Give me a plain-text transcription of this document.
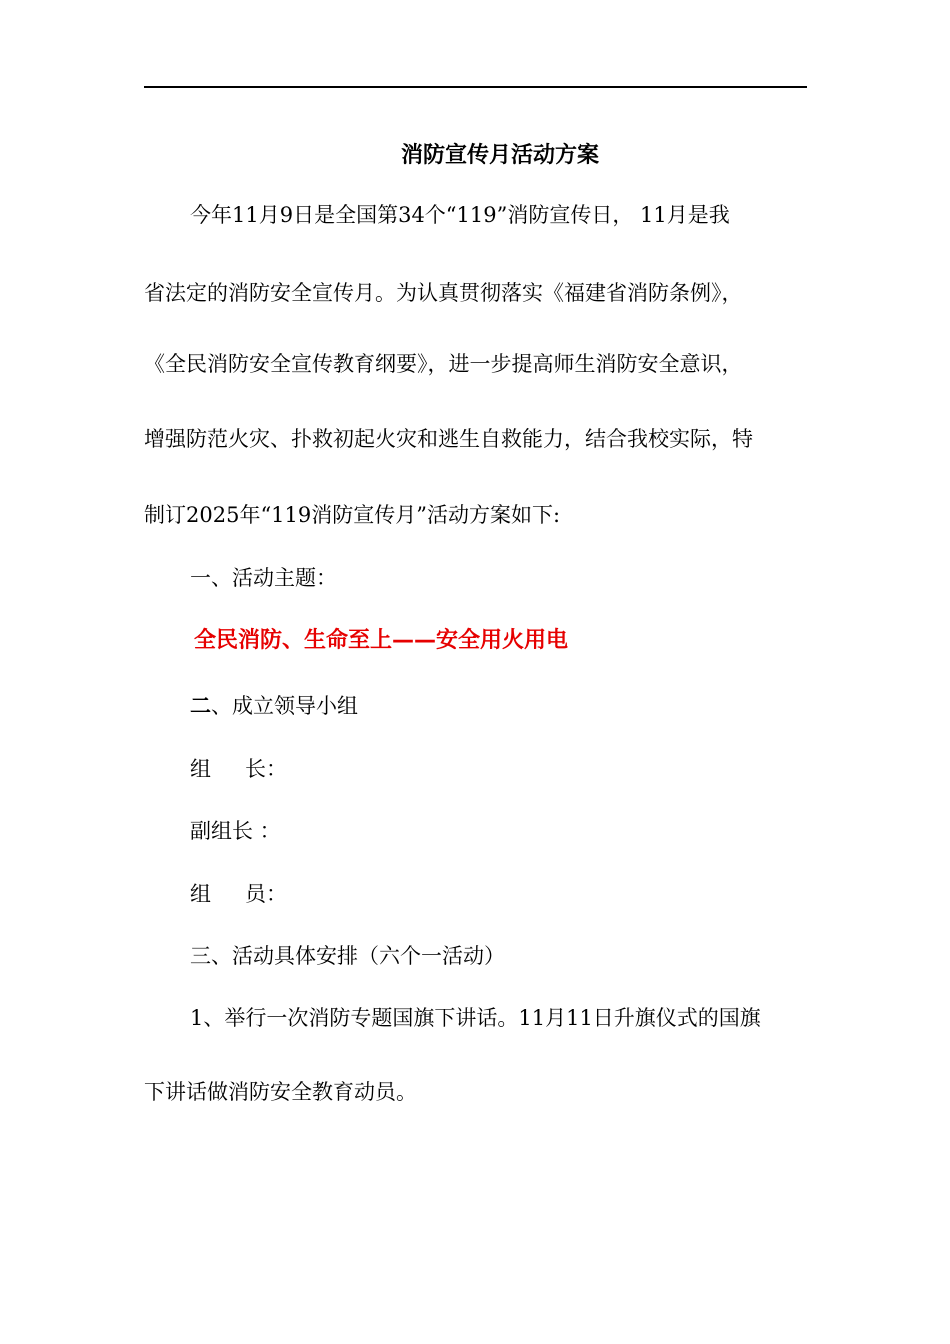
消防宣传月活动方案
今年11月9日是全国第34个“119”消防宣传日， 11月是我
省法定的消防安全宣传月。为认真贯彻落实《福建省消防条例》，
《全民消防安全宣传教育纲要》，进一步提高师生消防安全意识，
增强防范火灾、扑救初起火灾和逃生自救能力，结合我校实际，特
制订2025年“119消防宣传月”活动方案如下:
一、活动主题：
全民消防、生命至上——安全用火用电
二、成立领导小组
组 长：
副组长 ：
组 员：
三、活动具体安排（六个一活动）
1、举行一次消防专题国旗下讲话。11月11日升旗仪式的国旗
下讲话做消防安全教育动员。
